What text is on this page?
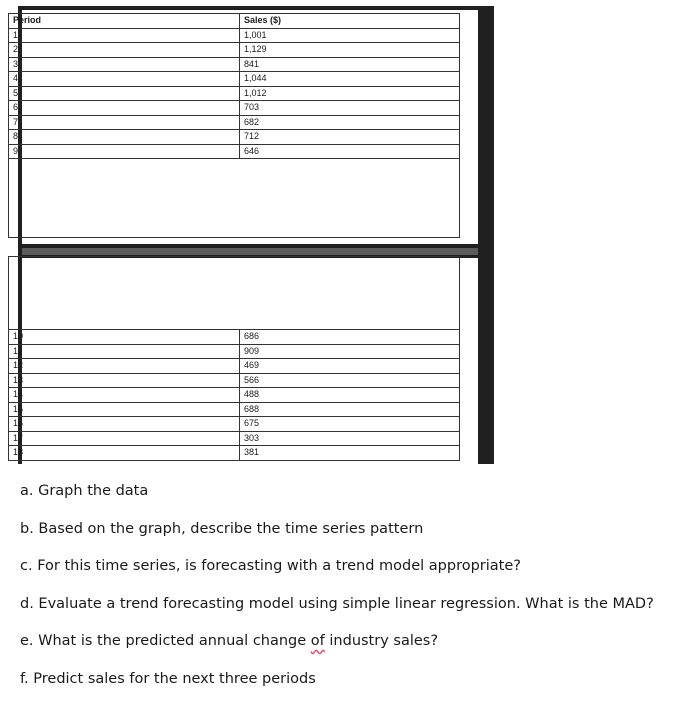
Period	Sales ($)
1	1,001
2	1,129
3	841
4	1,044
5	1,012
6	703
7	682
8	712
9	646
10	686
11	909
12	469
13	566
14	488
15	688
16	675
17	303
18	381
a. Graph the data
b. Based on the graph, describe the time series pattern
c. For this time series, is forecasting with a trend model appropriate?
d. Evaluate a trend forecasting model using simple linear regression. What is the MAD?
e. What is the predicted annual change of industry sales?
f. Predict sales for the next three periods
